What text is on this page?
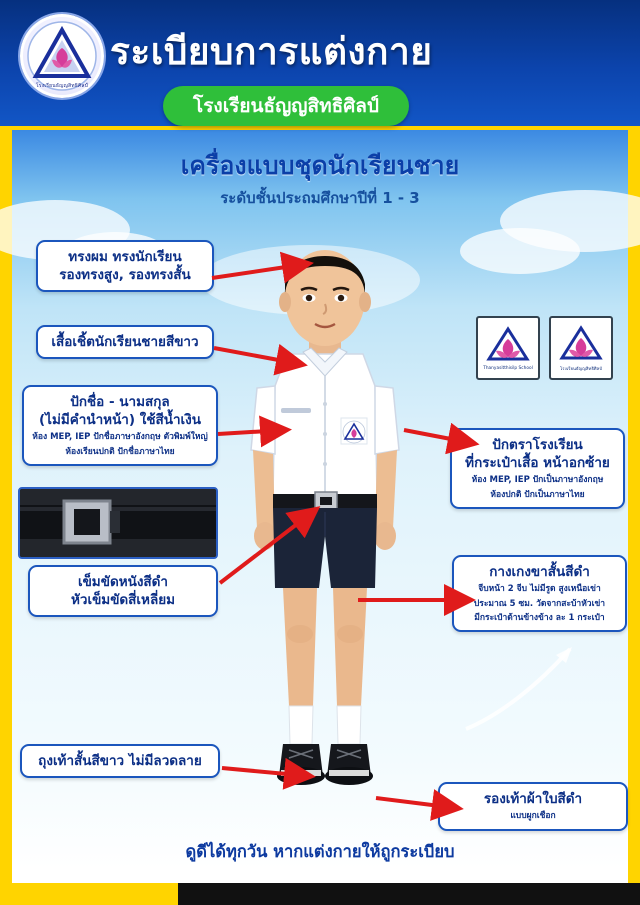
โรงเรียนธัญญสิทธิศิลป์
ระเบียบการแต่งกาย
โรงเรียนธัญญสิทธิศิลป์
เครื่องแบบชุดนักเรียนชาย
ระดับชั้นประถมศึกษาปีที่ 1 - 3
Thanyasitthisilp School	โรงเรียนธัญญสิทธิศิลป์
ทรงผม ทรงนักเรียน
รองทรงสูง, รองทรงสั้น
เสื้อเชิ้ตนักเรียนชายสีขาว
ปักชื่อ - นามสกุล
(ไม่มีคำนำหน้า) ใช้สีน้ำเงิน
ห้อง MEP, IEP ปักชื่อภาษาอังกฤษ ตัวพิมพ์ใหญ่
ห้องเรียนปกติ ปักชื่อภาษาไทย
เข็มขัดหนังสีดำ
หัวเข็มขัดสี่เหลี่ยม
ถุงเท้าสั้นสีขาว ไม่มีลวดลาย
ปักตราโรงเรียน
ที่กระเป๋าเสื้อ หน้าอกซ้าย
ห้อง MEP, IEP ปักเป็นภาษาอังกฤษ
ห้องปกติ ปักเป็นภาษาไทย
กางเกงขาสั้นสีดำ
จีบหน้า 2 จีบ ไม่มีรูด สูงเหนือเข่า
ประมาณ 5 ซม. วัดจากสะบ้าหัวเข่า
มีกระเป๋าด้านข้างข้าง ละ 1 กระเป๋า
รองเท้าผ้าใบสีดำ
แบบผูกเชือก
ดูดีได้ทุกวัน หากแต่งกายให้ถูกระเบียบ
